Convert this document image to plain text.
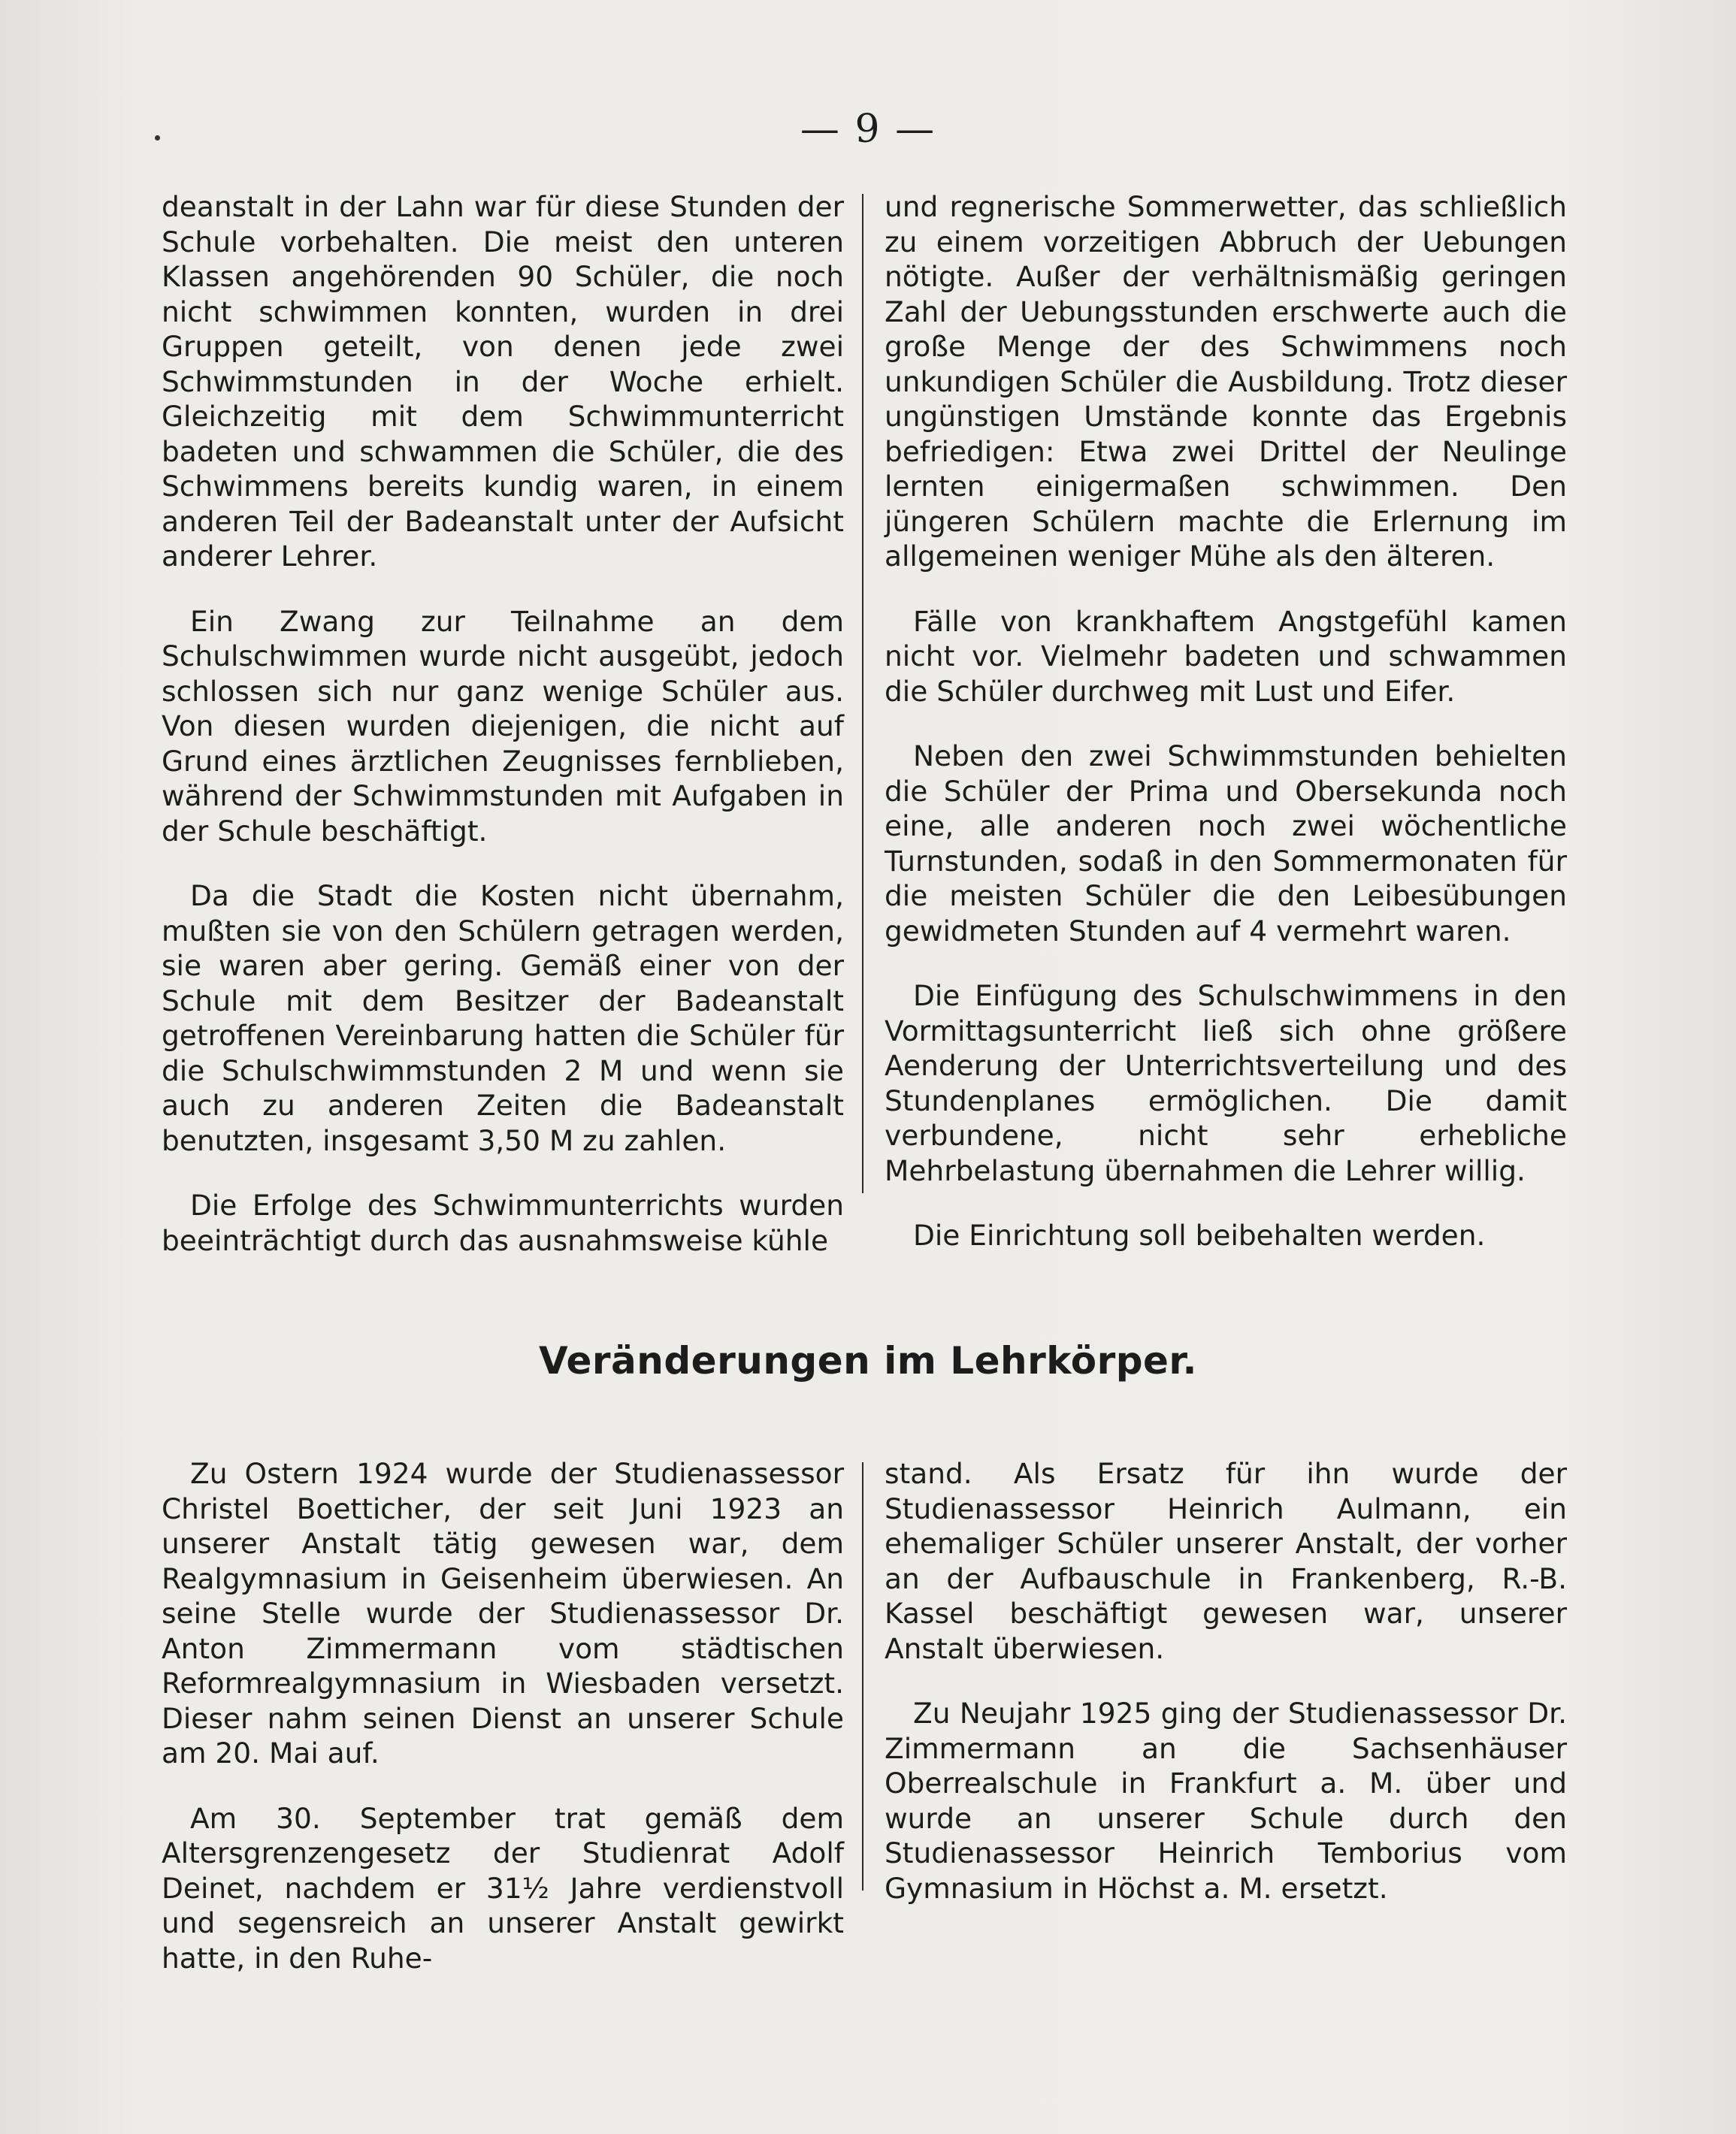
— 9 —

deanstalt in der Lahn war für diese Stunden der Schule vorbehalten. Die meist den unteren Klassen angehörenden 90 Schüler, die noch nicht schwimmen konnten, wurden in drei Gruppen geteilt, von denen jede zwei Schwimmstunden in der Woche erhielt. Gleichzeitig mit dem Schwimmunterricht badeten und schwammen die Schüler, die des Schwimmens bereits kundig waren, in einem anderen Teil der Badeanstalt unter der Aufsicht anderer Lehrer.

Ein Zwang zur Teilnahme an dem Schulschwimmen wurde nicht ausgeübt, jedoch schlossen sich nur ganz wenige Schüler aus. Von diesen wurden diejenigen, die nicht auf Grund eines ärztlichen Zeugnisses fernblieben, während der Schwimmstunden mit Aufgaben in der Schule beschäftigt.

Da die Stadt die Kosten nicht übernahm, mußten sie von den Schülern getragen werden, sie waren aber gering. Gemäß einer von der Schule mit dem Besitzer der Badeanstalt getroffenen Vereinbarung hatten die Schüler für die Schulschwimmstunden 2 M und wenn sie auch zu anderen Zeiten die Badeanstalt benutzten, insgesamt 3,50 M zu zahlen.

Die Erfolge des Schwimmunterrichts wurden beeinträchtigt durch das ausnahmsweise kühle

und regnerische Sommerwetter, das schließlich zu einem vorzeitigen Abbruch der Uebungen nötigte. Außer der verhältnismäßig geringen Zahl der Uebungsstunden erschwerte auch die große Menge der des Schwimmens noch unkundigen Schüler die Ausbildung. Trotz dieser ungünstigen Umstände konnte das Ergebnis befriedigen: Etwa zwei Drittel der Neulinge lernten einigermaßen schwimmen. Den jüngeren Schülern machte die Erlernung im allgemeinen weniger Mühe als den älteren.

Fälle von krankhaftem Angstgefühl kamen nicht vor. Vielmehr badeten und schwammen die Schüler durchweg mit Lust und Eifer.

Neben den zwei Schwimmstunden behielten die Schüler der Prima und Obersekunda noch eine, alle anderen noch zwei wöchentliche Turnstunden, sodaß in den Sommermonaten für die meisten Schüler die den Leibesübungen gewidmeten Stunden auf 4 vermehrt waren.

Die Einfügung des Schulschwimmens in den Vormittagsunterricht ließ sich ohne größere Aenderung der Unterrichtsverteilung und des Stundenplanes ermöglichen. Die damit verbundene, nicht sehr erhebliche Mehrbelastung übernahmen die Lehrer willig.

Die Einrichtung soll beibehalten werden.

Veränderungen im Lehrkörper.

Zu Ostern 1924 wurde der Studienassessor Christel Boetticher, der seit Juni 1923 an unserer Anstalt tätig gewesen war, dem Realgymnasium in Geisenheim überwiesen. An seine Stelle wurde der Studienassessor Dr. Anton Zimmermann vom städtischen Reformrealgymnasium in Wiesbaden versetzt. Dieser nahm seinen Dienst an unserer Schule am 20. Mai auf.

Am 30. September trat gemäß dem Altersgrenzengesetz der Studienrat Adolf Deinet, nachdem er 31½ Jahre verdienstvoll und segensreich an unserer Anstalt gewirkt hatte, in den Ruhe-

stand. Als Ersatz für ihn wurde der Studienassessor Heinrich Aulmann, ein ehemaliger Schüler unserer Anstalt, der vorher an der Aufbauschule in Frankenberg, R.-B. Kassel beschäftigt gewesen war, unserer Anstalt überwiesen.

Zu Neujahr 1925 ging der Studienassessor Dr. Zimmermann an die Sachsenhäuser Oberrealschule in Frankfurt a. M. über und wurde an unserer Schule durch den Studienassessor Heinrich Temborius vom Gymnasium in Höchst a. M. ersetzt.
